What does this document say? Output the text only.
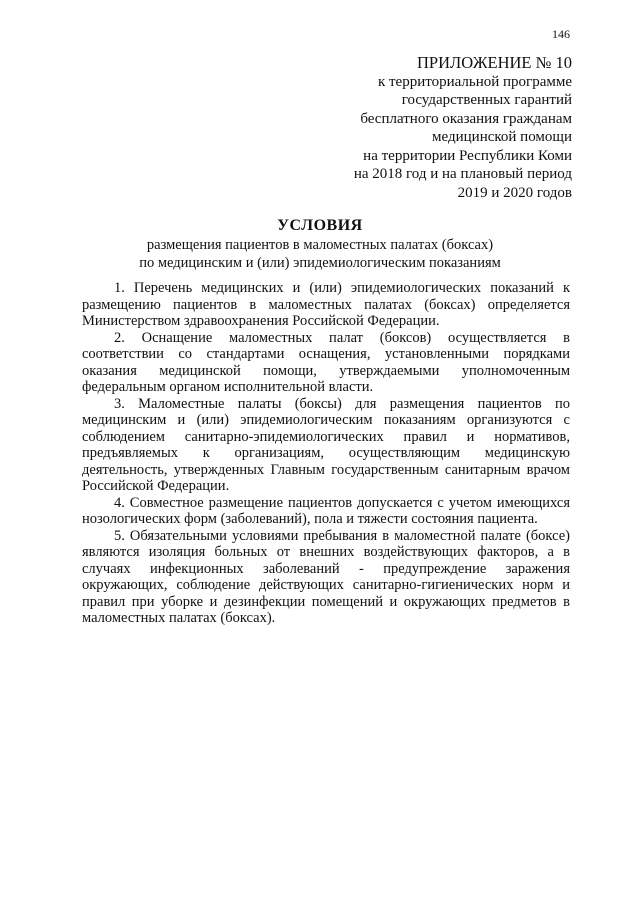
146
ПРИЛОЖЕНИЕ № 10
к территориальной программе
государственных гарантий
бесплатного оказания гражданам
медицинской помощи
на территории Республики Коми
на 2018 год и на плановый период
2019 и 2020 годов
УСЛОВИЯ
размещения пациентов в маломестных палатах (боксах)
по медицинским и (или) эпидемиологическим показаниям

1. Перечень медицинских и (или) эпидемиологических показаний к размещению пациентов в маломестных палатах (боксах) определяется Министерством здравоохранения Российской Федерации.

2. Оснащение маломестных палат (боксов) осуществляется в соответствии со стандартами оснащения, установленными порядками оказания медицинской помощи, утверждаемыми уполномоченным федеральным органом исполнительной власти.

3. Маломестные палаты (боксы) для размещения пациентов по медицинским и (или) эпидемиологическим показаниям организуются с соблюдением санитарно-эпидемиологических правил и нормативов, предъявляемых к организациям, осуществляющим медицинскую деятельность, утвержденных Главным государственным санитарным врачом Российской Федерации.

4. Совместное размещение пациентов допускается с учетом имеющихся нозологических форм (заболеваний), пола и тяжести состояния пациента.

5. Обязательными условиями пребывания в маломестной палате (боксе) являются изоляция больных от внешних воздействующих факторов, а в случаях инфекционных заболеваний - предупреждение заражения окружающих, соблюдение действующих санитарно-гигиенических норм и правил при уборке и дезинфекции помещений и окружающих предметов в маломестных палатах (боксах).
